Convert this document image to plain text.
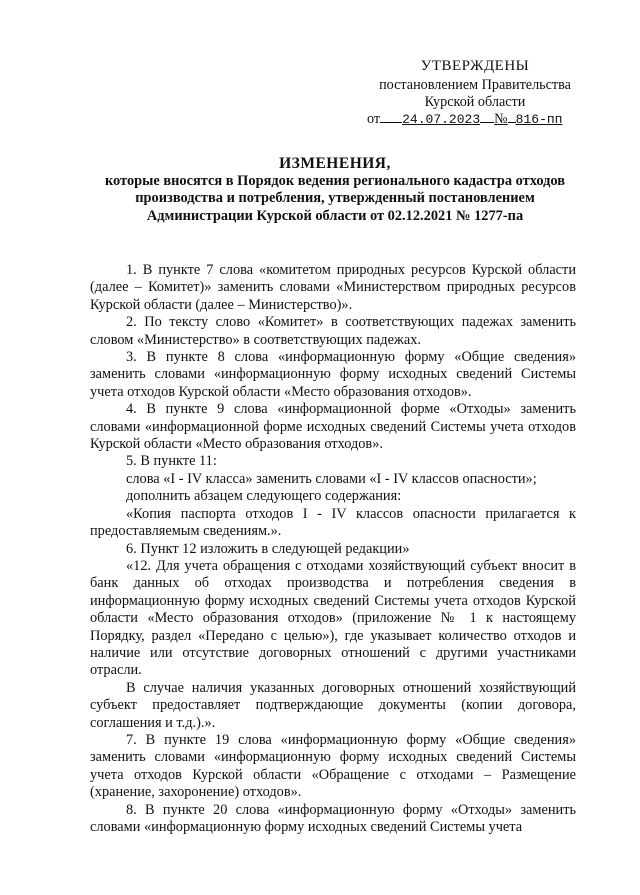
УТВЕРЖДЕНЫ
постановлением Правительства
Курской области
от 24.07.2023 № 816-пп
ИЗМЕНЕНИЯ,
которые вносятся в Порядок ведения регионального кадастра отходов
производства и потребления, утвержденный постановлением
Администрации Курской области от 02.12.2021 № 1277-па

1. В пункте 7 слова «комитетом природных ресурсов Курской области (далее – Комитет)» заменить словами «Министерством природных ресурсов Курской области (далее – Министерство)».

2. По тексту слово «Комитет» в соответствующих падежах заменить словом «Министерство» в соответствующих падежах.

3. В пункте 8 слова «информационную форму «Общие сведения» заменить словами «информационную форму исходных сведений Системы учета отходов Курской области «Место образования отходов».

4. В пункте 9 слова «информационной форме «Отходы» заменить словами «информационной форме исходных сведений Системы учета отходов Курской области «Место образования отходов».

5. В пункте 11:

слова «I - IV класса» заменить словами «I - IV классов опасности»;

дополнить абзацем следующего содержания:

«Копия паспорта отходов I - IV классов опасности прилагается к предоставляемым сведениям.».

6. Пункт 12 изложить в следующей редакции»

«12. Для учета обращения с отходами хозяйствующий субъект вносит в банк данных об отходах производства и потребления сведения в информационную форму исходных сведений Системы учета отходов Курской области «Место образования отходов» (приложение № 1 к настоящему Порядку, раздел «Передано с целью»), где указывает количество отходов и наличие или отсутствие договорных отношений с другими участниками отрасли.

В случае наличия указанных договорных отношений хозяйствующий субъект предоставляет подтверждающие документы (копии договора, соглашения и т.д.).».

7. В пункте 19 слова «информационную форму «Общие сведения» заменить словами «информационную форму исходных сведений Системы учета отходов Курской области «Обращение с отходами – Размещение (хранение, захоронение) отходов».

8. В пункте 20 слова «информационную форму «Отходы» заменить словами «информационную форму исходных сведений Системы учета
